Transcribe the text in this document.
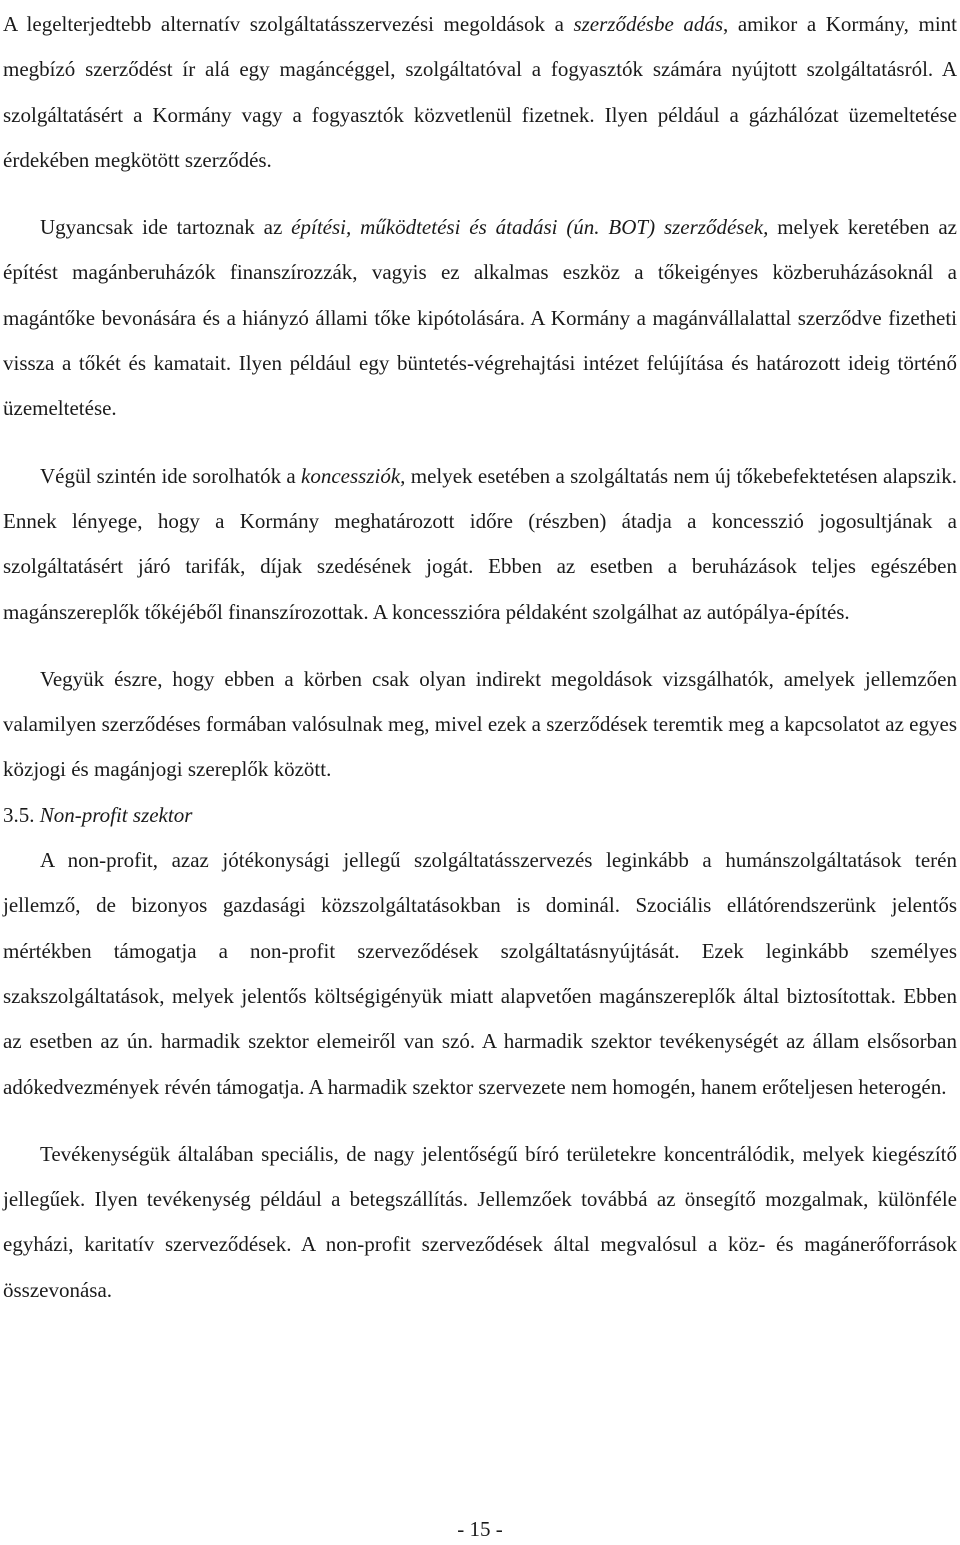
A legelterjedtebb alternatív szolgáltatásszervezési megoldások a szerződésbe adás, amikor a Kormány, mint megbízó szerződést ír alá egy magáncéggel, szolgáltatóval a fogyasztók számára nyújtott szolgáltatásról. A szolgáltatásért a Kormány vagy a fogyasztók közvetlenül fizetnek. Ilyen például a gázhálózat üzemeltetése érdekében megkötött szerződés.

Ugyancsak ide tartoznak az építési, működtetési és átadási (ún. BOT) szerződések, melyek keretében az építést magánberuházók finanszírozzák, vagyis ez alkalmas eszköz a tőkeigényes közberuházásoknál a magántőke bevonására és a hiányzó állami tőke kipótolására. A Kormány a magánvállalattal szerződve fizetheti vissza a tőkét és kamatait. Ilyen például egy büntetés-végrehajtási intézet felújítása és határozott ideig történő üzemeltetése.

Végül szintén ide sorolhatók a koncessziók, melyek esetében a szolgáltatás nem új tőkebefektetésen alapszik. Ennek lényege, hogy a Kormány meghatározott időre (részben) átadja a koncesszió jogosultjának a szolgáltatásért járó tarifák, díjak szedésének jogát. Ebben az esetben a beruházások teljes egészében magánszereplők tőkéjéből finanszírozottak. A koncesszióra példaként szolgálhat az autópálya-építés.

Vegyük észre, hogy ebben a körben csak olyan indirekt megoldások vizsgálhatók, amelyek jellemzően valamilyen szerződéses formában valósulnak meg, mivel ezek a szerződések teremtik meg a kapcsolatot az egyes közjogi és magánjogi szereplők között.

3.5. Non-profit szektor

A non-profit, azaz jótékonysági jellegű szolgáltatásszervezés leginkább a humánszolgáltatások terén jellemző, de bizonyos gazdasági közszolgáltatásokban is dominál. Szociális ellátórendszerünk jelentős mértékben támogatja a non-profit szerveződések szolgáltatásnyújtását. Ezek leginkább személyes szakszolgáltatások, melyek jelentős költségigényük miatt alapvetően magánszereplők által biztosítottak. Ebben az esetben az ún. harmadik szektor elemeiről van szó. A harmadik szektor tevékenységét az állam elsősorban adókedvezmények révén támogatja. A harmadik szektor szervezete nem homogén, hanem erőteljesen heterogén.

Tevékenységük általában speciális, de nagy jelentőségű bíró területekre koncentrálódik, melyek kiegészítő jellegűek. Ilyen tevékenység például a betegszállítás. Jellemzőek továbbá az önsegítő mozgalmak, különféle egyházi, karitatív szerveződések. A non-profit szerveződések által megvalósul a köz- és magánerőforrások összevonása.

- 15 -
